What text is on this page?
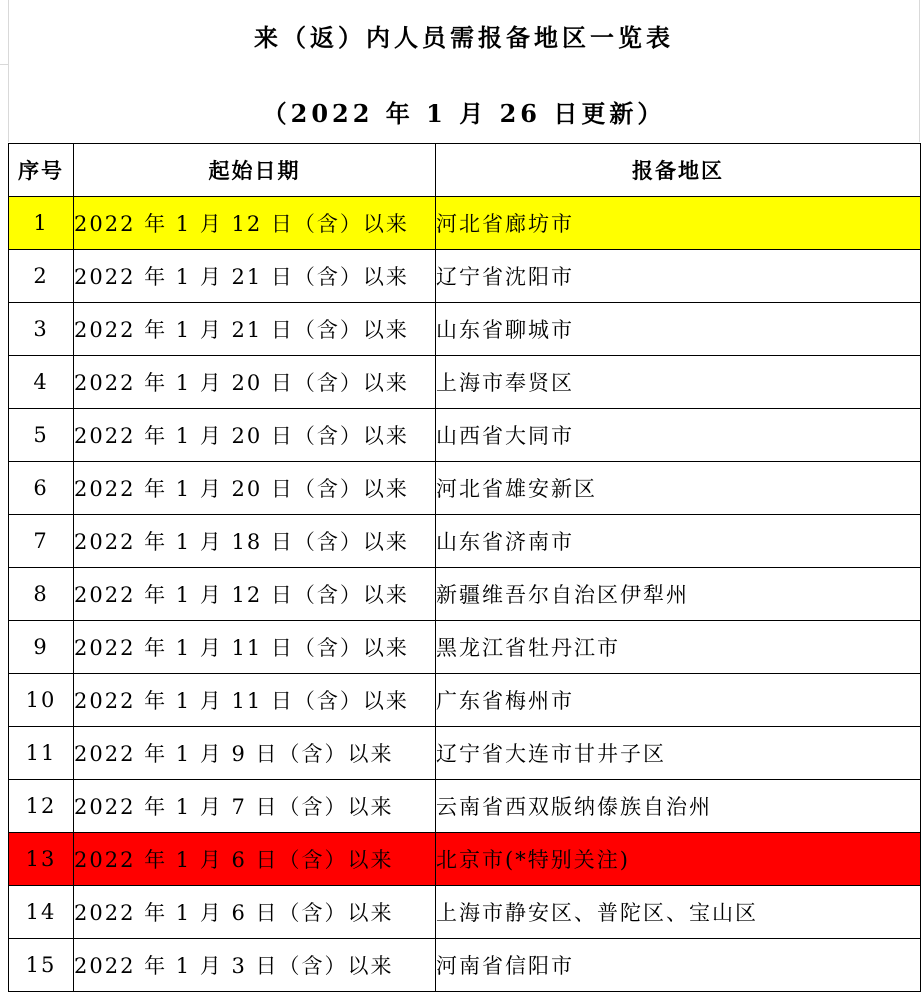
来（返）内人员需报备地区一览表
（2022 年 1 月 26 日更新）
序号	起始日期	报备地区
1	2022 年 1 月 12 日（含）以来	河北省廊坊市
2	2022 年 1 月 21 日（含）以来	辽宁省沈阳市
3	2022 年 1 月 21 日（含）以来	山东省聊城市
4	2022 年 1 月 20 日（含）以来	上海市奉贤区
5	2022 年 1 月 20 日（含）以来	山西省大同市
6	2022 年 1 月 20 日（含）以来	河北省雄安新区
7	2022 年 1 月 18 日（含）以来	山东省济南市
8	2022 年 1 月 12 日（含）以来	新疆维吾尔自治区伊犁州
9	2022 年 1 月 11 日（含）以来	黑龙江省牡丹江市
10	2022 年 1 月 11 日（含）以来	广东省梅州市
11	2022 年 1 月 9 日（含）以来	辽宁省大连市甘井子区
12	2022 年 1 月 7 日（含）以来	云南省西双版纳傣族自治州
13	2022 年 1 月 6 日（含）以来	北京市(*特别关注)
14	2022 年 1 月 6 日（含）以来	上海市静安区、普陀区、宝山区
15	2022 年 1 月 3 日（含）以来	河南省信阳市
